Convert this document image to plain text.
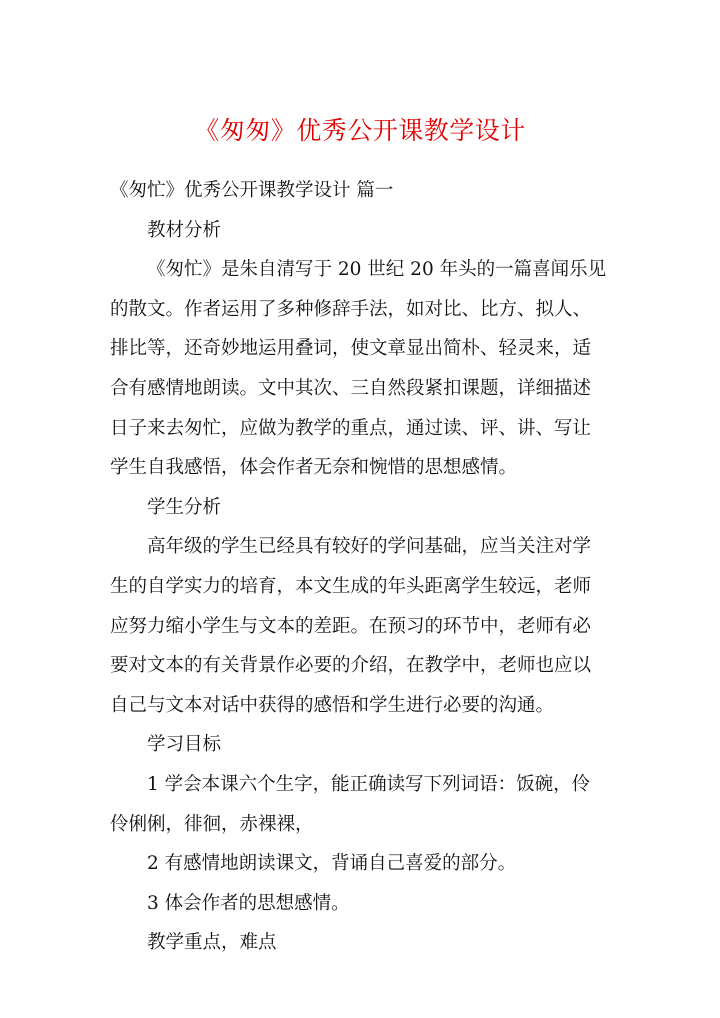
《匆匆》优秀公开课教学设计
《匆忙》优秀公开课教学设计 篇一
教材分析
《匆忙》是朱自清写于 20 世纪 20 年头的一篇喜闻乐见
的散文。作者运用了多种修辞手法，如对比、比方、拟人、
排比等，还奇妙地运用叠词，使文章显出简朴、轻灵来，适
合有感情地朗读。文中其次、三自然段紧扣课题，详细描述
日子来去匆忙，应做为教学的重点，通过读、评、讲、写让
学生自我感悟，体会作者无奈和惋惜的思想感情。
学生分析
高年级的学生已经具有较好的学问基础，应当关注对学
生的自学实力的培育，本文生成的年头距离学生较远，老师
应努力缩小学生与文本的差距。在预习的环节中，老师有必
要对文本的有关背景作必要的介绍，在教学中，老师也应以
自己与文本对话中获得的感悟和学生进行必要的沟通。
学习目标
1 学会本课六个生字，能正确读写下列词语：饭碗，伶
伶俐俐，徘徊，赤裸裸，
2 有感情地朗读课文，背诵自己喜爱的部分。
3 体会作者的思想感情。
教学重点，难点
